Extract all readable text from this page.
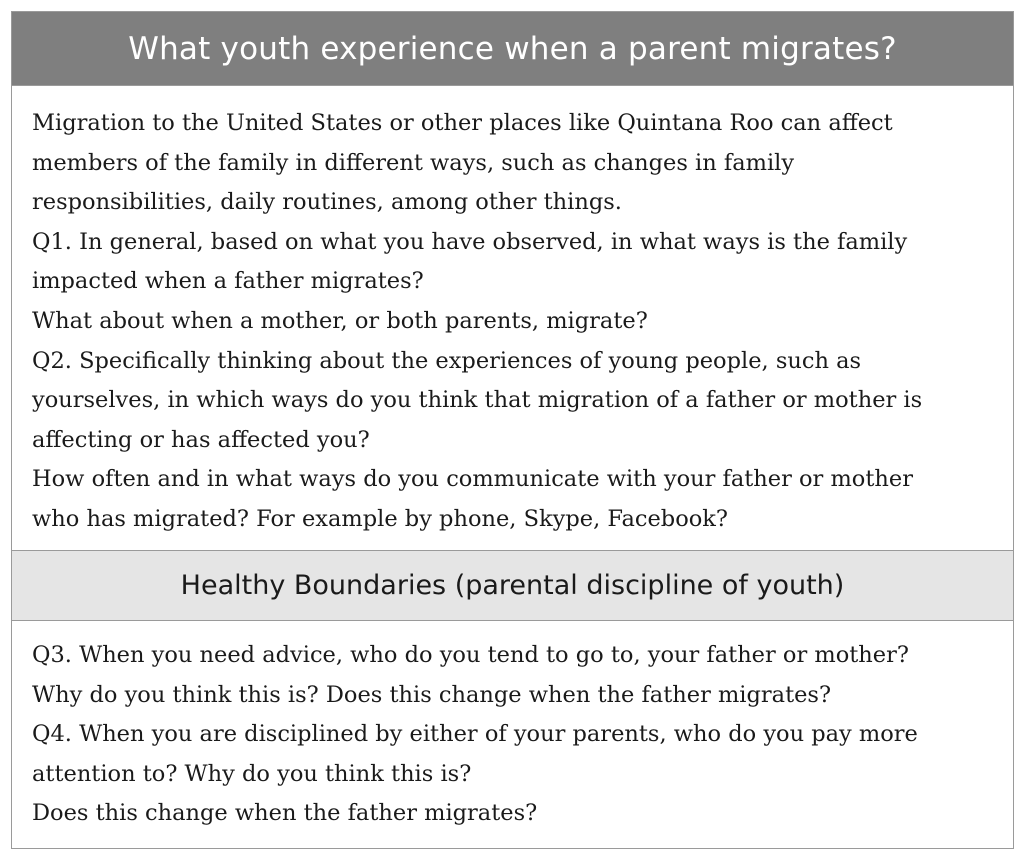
What youth experience when a parent migrates?
Migration to the United States or other places like Quintana Roo can affect
members of the family in different ways, such as changes in family
responsibilities, daily routines, among other things.
Q1. In general, based on what you have observed, in what ways is the family
impacted when a father migrates?
What about when a mother, or both parents, migrate?
Q2. Specifically thinking about the experiences of young people, such as
yourselves, in which ways do you think that migration of a father or mother is
affecting or has affected you?
How often and in what ways do you communicate with your father or mother
who has migrated? For example by phone, Skype, Facebook?
Healthy Boundaries (parental discipline of youth)
Q3. When you need advice, who do you tend to go to, your father or mother?
Why do you think this is? Does this change when the father migrates?
Q4. When you are disciplined by either of your parents, who do you pay more
attention to? Why do you think this is?
Does this change when the father migrates?
